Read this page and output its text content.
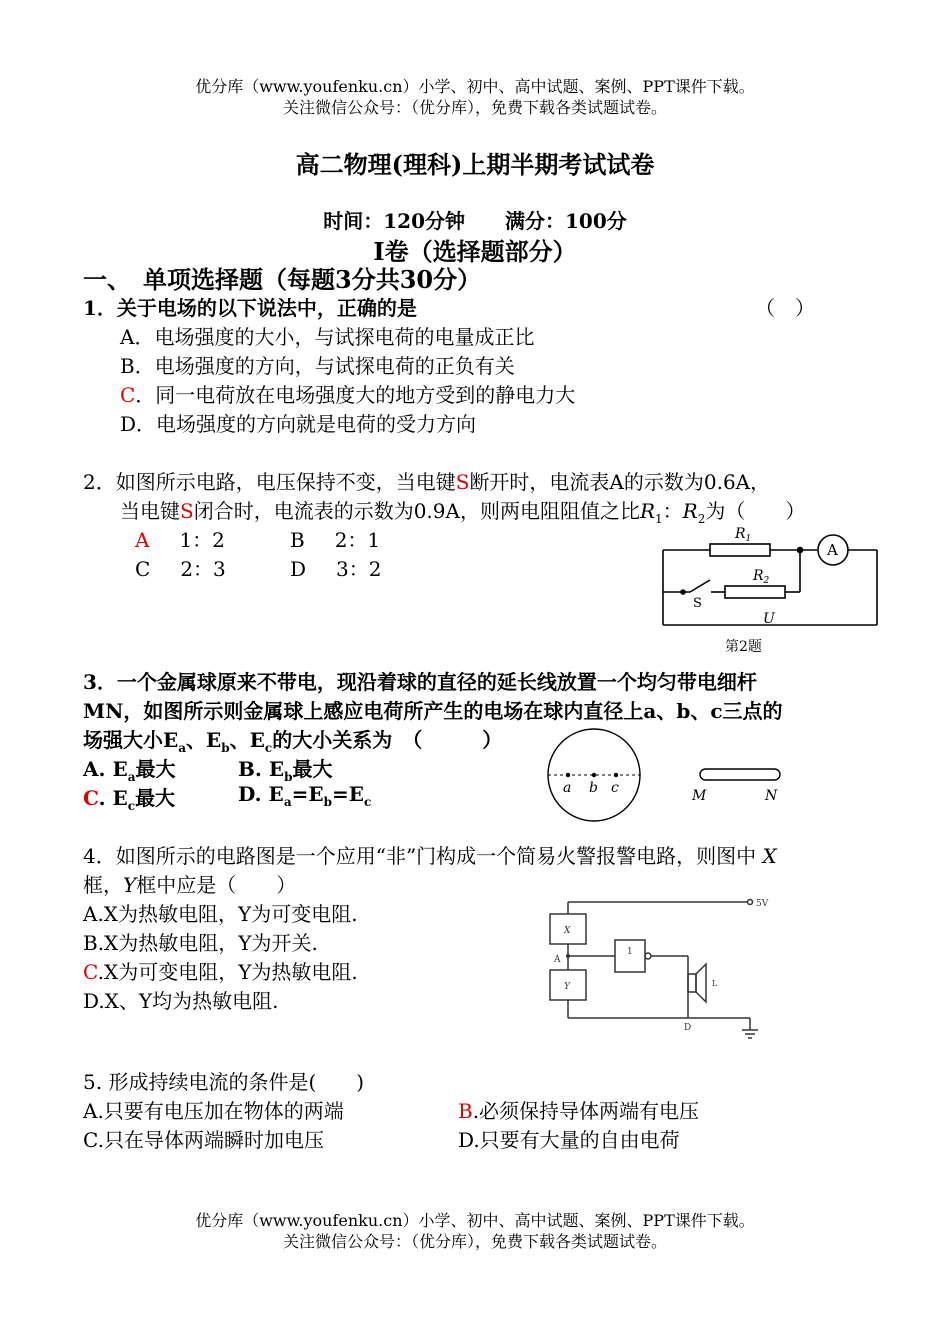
优分库（www.youfenku.cn）小学、初中、高中试题、案例、PPT课件下载。
关注微信公众号：（优分库），免费下载各类试题试卷。
高二物理(理科)上期半期考试试卷
时间：120分钟　　满分：100分
Ⅰ卷（选择题部分）
一、　单项选择题（每题3分共30分）
1．关于电场的以下说法中，正确的是	（　）
A．电场强度的大小，与试探电荷的电量成正比
B．电场强度的方向，与试探电荷的正负有关
C．同一电荷放在电场强度大的地方受到的静电力大
D．电场强度的方向就是电荷的受力方向
2．如图所示电路，电压保持不变，当电键S断开时，电流表A的示数为0.6A，
当电键S闭合时，电流表的示数为0.9A，则两电阻阻值之比$R_1$：$R_2$为（　　）
A 1：2	B 2：1
C 2：3	D 3：2
$R_1$
$R_2$
A
S
U
第2题
3．一个金属球原来不带电，现沿着球的直径的延长线放置一个均匀带电细杆
MN，如图所示则金属球上感应电荷所产生的电场在球内直径上a、b、c三点的
场强大小$E_a$、$E_b$、$E_c$的大小关系为　（　　　）
A. $E_a$最大	B. $E_b$最大
C. $E_c$最大	D. $E_a=E_b=E_c$
a b c	M	N
4．如图所示的电路图是一个应用“非”门构成一个简易火警报警电路，则图中 X
框，Y框中应是（　　）
A.X为热敏电阻，Y为可变电阻.
B.X为热敏电阻，Y为开关.
C.X为可变电阻，Y为热敏电阻.
D.X、Y均为热敏电阻.
5V
X
Y
A
1
L
D
5. 形成持续电流的条件是(　　)
A.只要有电压加在物体的两端	B.必须保持导体两端有电压
C.只在导体两端瞬时加电压	D.只要有大量的自由电荷
优分库（www.youfenku.cn）小学、初中、高中试题、案例、PPT课件下载。
关注微信公众号：（优分库），免费下载各类试题试卷。
